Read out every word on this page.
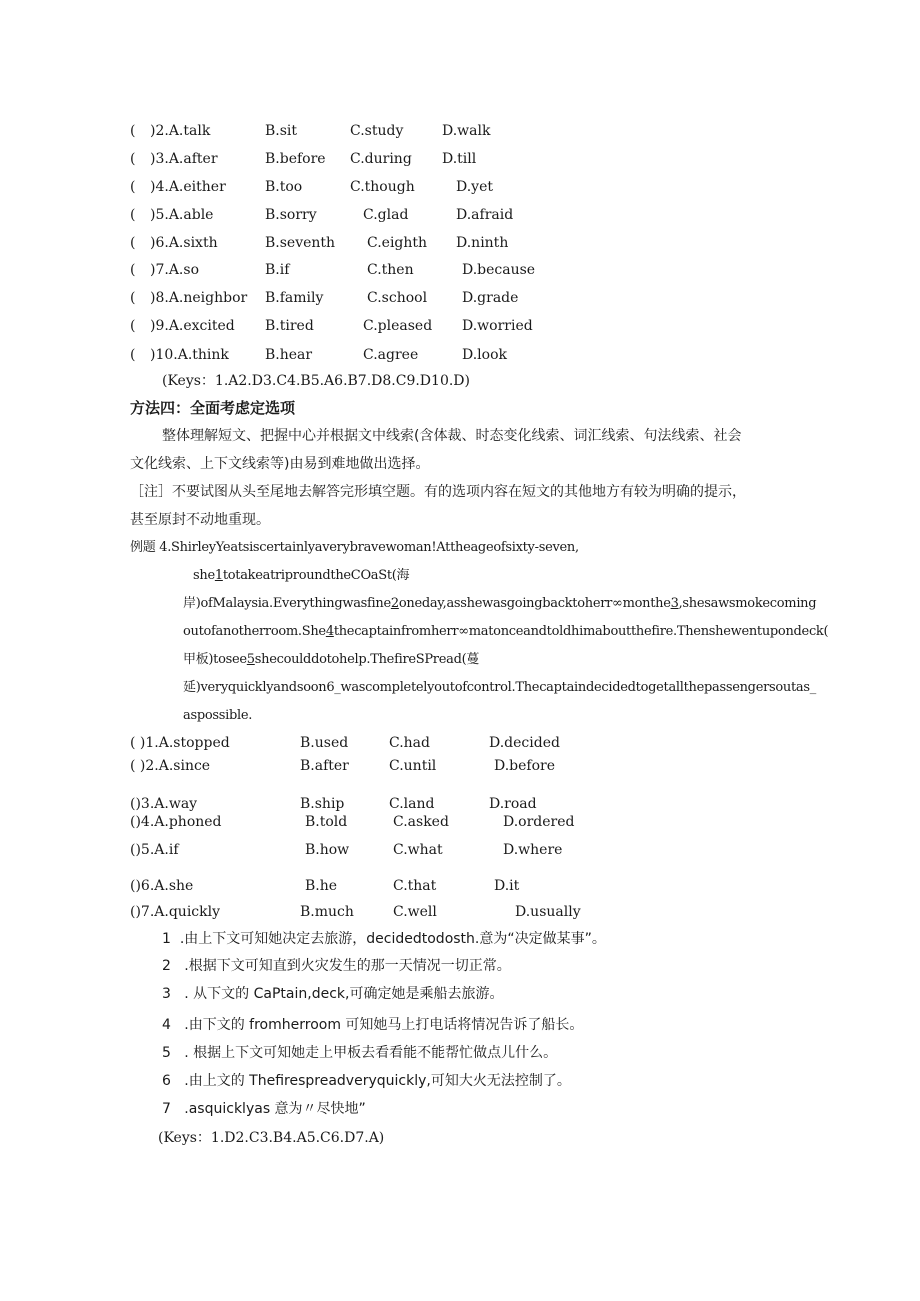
( )2.A.talk	B.sit	C.study	D.walk
( )3.A.after	B.before C.during D.till
( )4.A.either	B.too	C.though	D.yet
( )5.A.able	B.sorry	C.glad	D.afraid
( )6.A.sixth	B.seventh C.eighth D.ninth
( )7.A.so	B.if	C.then	D.because
( )8.A.neighbor B.family	C.school D.grade
( )9.A.excited B.tired	C.pleased D.worried
( )10.A.think	B.hear	C.agree	D.look
(Keys：1.A2.D3.C4.B5.A6.B7.D8.C9.D10.D)
方法四：全面考虑定选项
整体理解短文、把握中心并根据文中线索(含体裁、时态变化线索、词汇线索、句法线索、社会
文化线索、上下文线索等)由易到难地做出选择。
［注］不要试图从头至尾地去解答完形填空题。有的选项内容在短文的其他地方有较为明确的提示，
甚至原封不动地重现。
例题 4.ShirleyYeatsiscertainlyaverybravewoman!Attheageofsixty-seven,
she1totakeatriproundtheCOaSt(海
岸)ofMalaysia.Everythingwasfine2oneday,asshewasgoingbacktoherr∞monthe3,shesawsmokecoming
outofanotherroom.She4thecaptainfromherr∞matonceandtoldhimaboutthefire.Thenshewentupondeck(
甲板)tosee5shecoulddotohelp.ThefireSPread(蔓
延)veryquicklyandsoon6_wascompletelyoutofcontrol.Thecaptaindecidedtogetallthepassengersoutas_
aspossible.
( )1.A.stopped	B.used	C.had	D.decided
( )2.A.since	B.after	C.until	D.before
()3.A.way	B.ship	C.land	D.road
()4.A.phoned	B.told	C.asked	D.ordered
()5.A.if	B.how	C.what	D.where
()6.A.she	B.he	C.that	D.it
()7.A.quickly	B.much	C.well	D.usually
1 .由上下文可知她决定去旅游，decidedtodosth.意为“决定做某事”。
2 .根据下文可知直到火灾发生的那一天情况一切正常。
3 . 从下文的 CaPtain,deck,可确定她是乘船去旅游。
4 .由下文的 fromherroom 可知她马上打电话将情况告诉了船长。
5 . 根据上下文可知她走上甲板去看看能不能帮忙做点儿什么。
6 .由上文的 Thefirespreadveryquickly,可知大火无法控制了。
7 .asquicklyas 意为〃尽快地”
(Keys：1.D2.C3.B4.A5.C6.D7.A)
